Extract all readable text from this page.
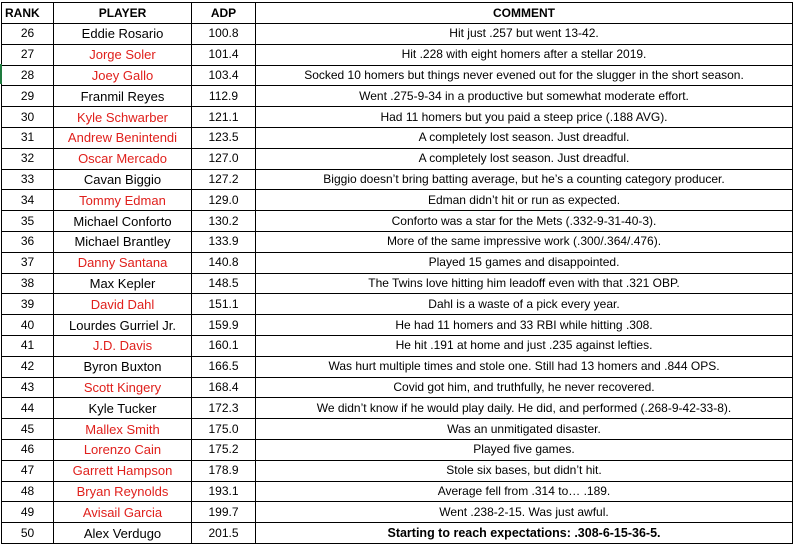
RANK	PLAYER	ADP	COMMENT
26	Eddie Rosario	100.8	Hit just .257 but went 13-42.
27	Jorge Soler	101.4	Hit .228 with eight homers after a stellar 2019.
28	Joey Gallo	103.4	Socked 10 homers but things never evened out for the slugger in the short season.
29	Franmil Reyes	112.9	Went .275-9-34 in a productive but somewhat moderate effort.
30	Kyle Schwarber	121.1	Had 11 homers but you paid a steep price (.188 AVG).
31	Andrew Benintendi	123.5	A completely lost season. Just dreadful.
32	Oscar Mercado	127.0	A completely lost season. Just dreadful.
33	Cavan Biggio	127.2	Biggio doesn’t bring batting average, but he’s a counting category producer.
34	Tommy Edman	129.0	Edman didn’t hit or run as expected.
35	Michael Conforto	130.2	Conforto was a star for the Mets (.332-9-31-40-3).
36	Michael Brantley	133.9	More of the same impressive work (.300/.364/.476).
37	Danny Santana	140.8	Played 15 games and disappointed.
38	Max Kepler	148.5	The Twins love hitting him leadoff even with that .321 OBP.
39	David Dahl	151.1	Dahl is a waste of a pick every year.
40	Lourdes Gurriel Jr.	159.9	He had 11 homers and 33 RBI while hitting .308.
41	J.D. Davis	160.1	He hit .191 at home and just .235 against lefties.
42	Byron Buxton	166.5	Was hurt multiple times and stole one. Still had 13 homers and .844 OPS.
43	Scott Kingery	168.4	Covid got him, and truthfully, he never recovered.
44	Kyle Tucker	172.3	We didn’t know if he would play daily. He did, and performed (.268-9-42-33-8).
45	Mallex Smith	175.0	Was an unmitigated disaster.
46	Lorenzo Cain	175.2	Played five games.
47	Garrett Hampson	178.9	Stole six bases, but didn’t hit.
48	Bryan Reynolds	193.1	Average fell from .314 to… .189.
49	Avisail Garcia	199.7	Went .238-2-15. Was just awful.
50	Alex Verdugo	201.5	Starting to reach expectations: .308-6-15-36-5.
